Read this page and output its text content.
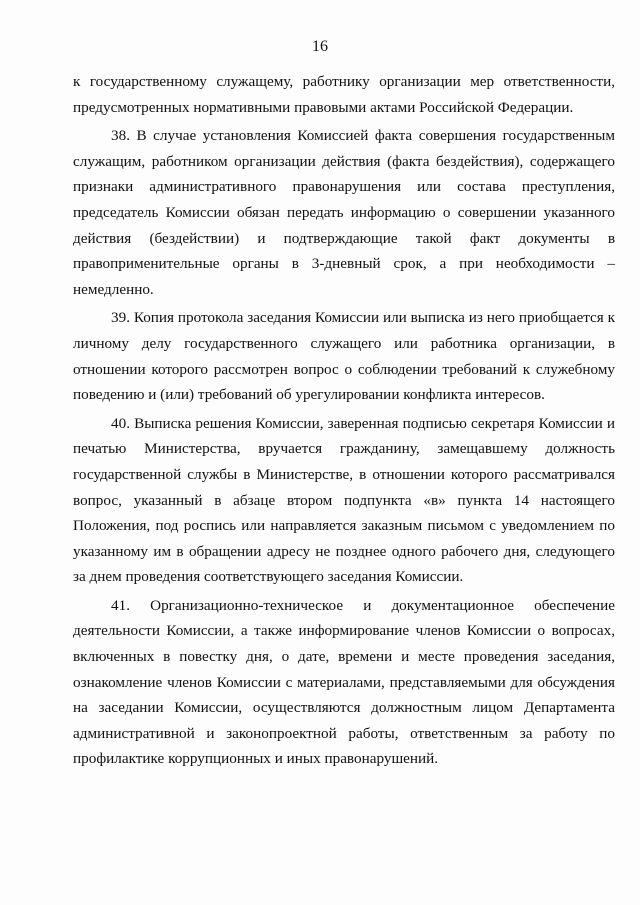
16

к государственному служащему, работнику организации мер ответственности, предусмотренных нормативными правовыми актами Российской Федерации.

38. В случае установления Комиссией факта совершения государственным служащим, работником организации действия (факта бездействия), содержащего признаки административного правонарушения или состава преступления, председатель Комиссии обязан передать информацию о совершении указанного действия (бездействии) и подтверждающие такой факт документы в правоприменительные органы в 3-дневный срок, а при необходимости – немедленно.

39. Копия протокола заседания Комиссии или выписка из него приобщается к личному делу государственного служащего или работника организации, в отношении которого рассмотрен вопрос о соблюдении требований к служебному поведению и (или) требований об урегулировании конфликта интересов.

40. Выписка решения Комиссии, заверенная подписью секретаря Комиссии и печатью Министерства, вручается гражданину, замещавшему должность государственной службы в Министерстве, в отношении которого рассматривался вопрос, указанный в абзаце втором подпункта «в» пункта 14 настоящего Положения, под роспись или направляется заказным письмом с уведомлением по указанному им в обращении адресу не позднее одного рабочего дня, следующего за днем проведения соответствующего заседания Комиссии.

41. Организационно-техническое и документационное обеспечение деятельности Комиссии, а также информирование членов Комиссии о вопросах, включенных в повестку дня, о дате, времени и месте проведения заседания, ознакомление членов Комиссии с материалами, представляемыми для обсуждения на заседании Комиссии, осуществляются должностным лицом Департамента административной и законопроектной работы, ответственным за работу по профилактике коррупционных и иных правонарушений.
